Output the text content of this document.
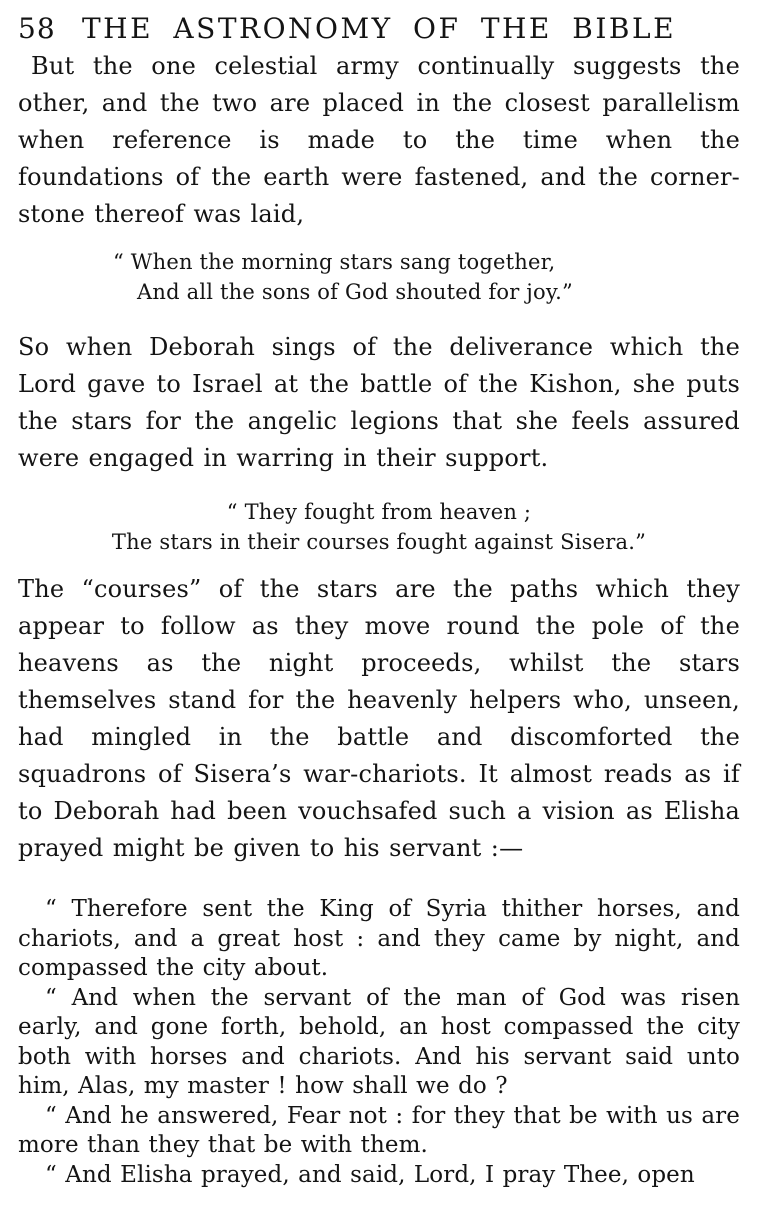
58 THE ASTRONOMY OF THE BIBLE

But the one celestial army continually suggests the other, and the two are placed in the closest parallelism when reference is made to the time when the foundations of the earth were fastened, and the corner-stone thereof was laid,

“ When the morning stars sang together,
And all the sons of God shouted for joy.”

So when Deborah sings of the deliverance which the Lord gave to Israel at the battle of the Kishon, she puts the stars for the angelic legions that she feels assured were engaged in warring in their support.

“ They fought from heaven ;
The stars in their courses fought against Sisera.”

The “courses” of the stars are the paths which they appear to follow as they move round the pole of the heavens as the night proceeds, whilst the stars themselves stand for the heavenly helpers who, unseen, had mingled in the battle and discomforted the squadrons of Sisera’s war-chariots. It almost reads as if to Deborah had been vouchsafed such a vision as Elisha prayed might be given to his servant :—

“ Therefore sent the King of Syria thither horses, and chariots, and a great host : and they came by night, and compassed the city about.

“ And when the servant of the man of God was risen early, and gone forth, behold, an host compassed the city both with horses and chariots. And his servant said unto him, Alas, my master ! how shall we do ?

“ And he answered, Fear not : for they that be with us are more than they that be with them.

“ And Elisha prayed, and said, Lord, I pray Thee, open
